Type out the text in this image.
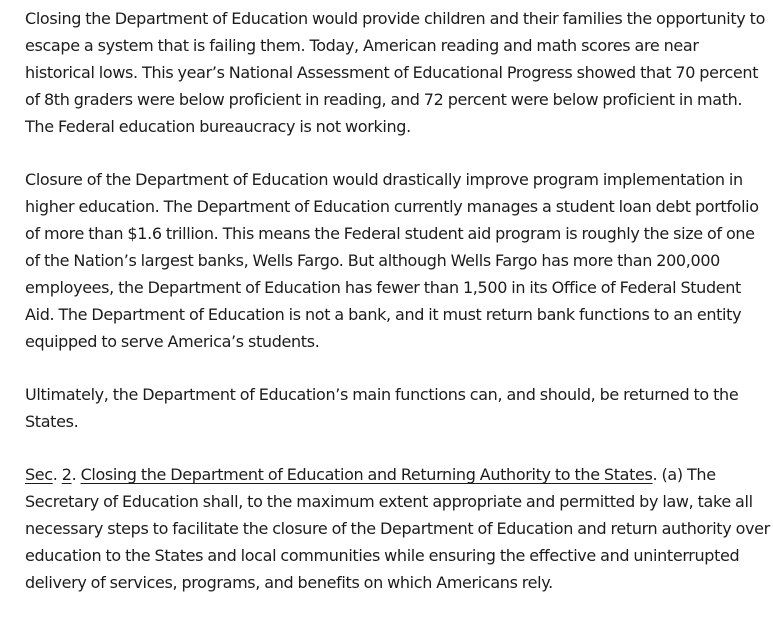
Closing the Department of Education would provide children and their families the opportunity to escape a system that is failing them. Today, American reading and math scores are near historical lows. This year’s National Assessment of Educational Progress showed that 70 percent of 8th graders were below proficient in reading, and 72 percent were below proficient in math. The Federal education bureaucracy is not working.

Closure of the Department of Education would drastically improve program implementation in higher education. The Department of Education currently manages a student loan debt portfolio of more than $1.6 trillion. This means the Federal student aid program is roughly the size of one of the Nation’s largest banks, Wells Fargo. But although Wells Fargo has more than 200,000 employees, the Department of Education has fewer than 1,500 in its Office of Federal Student Aid. The Department of Education is not a bank, and it must return bank functions to an entity equipped to serve America’s students.

Ultimately, the Department of Education’s main functions can, and should, be returned to the States.

Sec. 2. Closing the Department of Education and Returning Authority to the States. (a) The Secretary of Education shall, to the maximum extent appropriate and permitted by law, take all necessary steps to facilitate the closure of the Department of Education and return authority over education to the States and local communities while ensuring the effective and uninterrupted delivery of services, programs, and benefits on which Americans rely.
